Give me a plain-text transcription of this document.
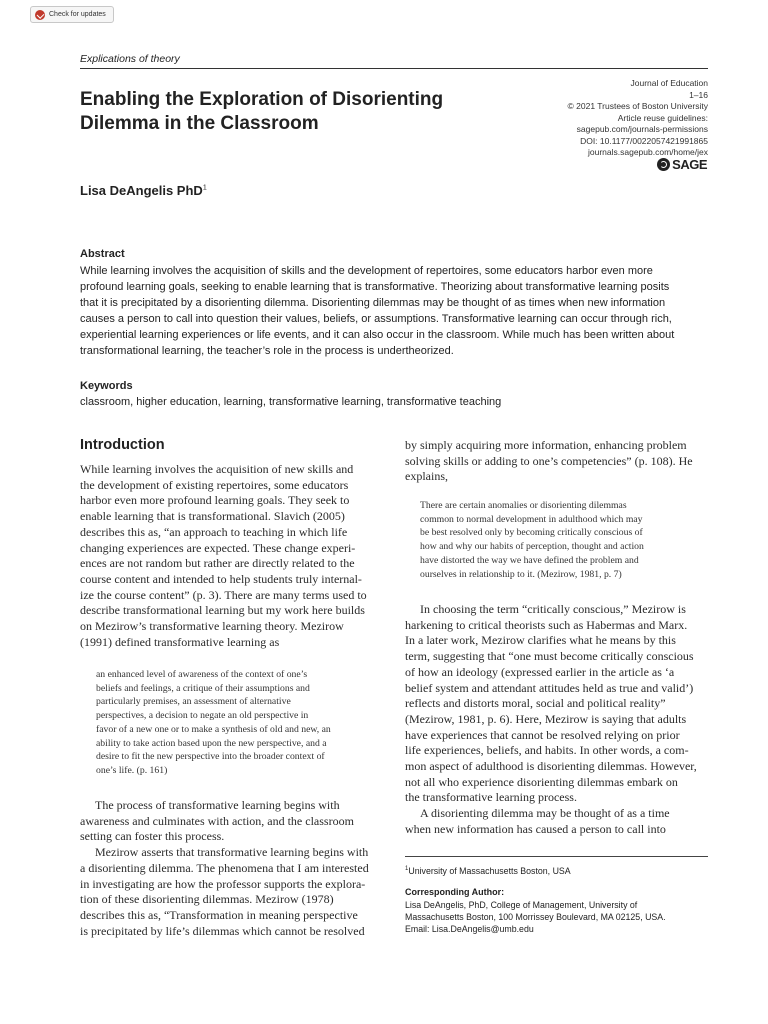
Check for updates
Explications of theory
Enabling the Exploration of Disorienting
Dilemma in the Classroom
Journal of Education
1–16
© 2021 Trustees of Boston University
Article reuse guidelines:
sagepub.com/journals-permissions
DOI: 10.1177/0022057421991865
journals.sagepub.com/home/jex
SAGE
Lisa DeAngelis PhD$^1$
Abstract
While learning involves the acquisition of skills and the development of repertoires, some educators harbor even more
profound learning goals, seeking to enable learning that is transformative. Theorizing about transformative learning posits
that it is precipitated by a disorienting dilemma. Disorienting dilemmas may be thought of as times when new information
causes a person to call into question their values, beliefs, or assumptions. Transformative learning can occur through rich,
experiential learning experiences or life events, and it can also occur in the classroom. While much has been written about
transformational learning, the teacher’s role in the process is undertheorized.
Keywords
classroom, higher education, learning, transformative learning, transformative teaching
Introduction
While learning involves the acquisition of new skills and
the development of existing repertoires, some educators
harbor even more profound learning goals. They seek to
enable learning that is transformational. Slavich (2005)
describes this as, “an approach to teaching in which life
changing experiences are expected. These change experi-
ences are not random but rather are directly related to the
course content and intended to help students truly internal-
ize the course content” (p. 3). There are many terms used to
describe transformational learning but my work here builds
on Mezirow’s transformative learning theory. Mezirow
(1991) defined transformative learning as
an enhanced level of awareness of the context of one’s
beliefs and feelings, a critique of their assumptions and
particularly premises, an assessment of alternative
perspectives, a decision to negate an old perspective in
favor of a new one or to make a synthesis of old and new, an
ability to take action based upon the new perspective, and a
desire to fit the new perspective into the broader context of
one’s life. (p. 161)
The process of transformative learning begins with
awareness and culminates with action, and the classroom
setting can foster this process.
Mezirow asserts that transformative learning begins with
a disorienting dilemma. The phenomena that I am interested
in investigating are how the professor supports the explora-
tion of these disorienting dilemmas. Mezirow (1978)
describes this as, “Transformation in meaning perspective
is precipitated by life’s dilemmas which cannot be resolved
by simply acquiring more information, enhancing problem
solving skills or adding to one’s competencies” (p. 108). He
explains,
There are certain anomalies or disorienting dilemmas
common to normal development in adulthood which may
be best resolved only by becoming critically conscious of
how and why our habits of perception, thought and action
have distorted the way we have defined the problem and
ourselves in relationship to it. (Mezirow, 1981, p. 7)
In choosing the term “critically conscious,” Mezirow is
harkening to critical theorists such as Habermas and Marx.
In a later work, Mezirow clarifies what he means by this
term, suggesting that “one must become critically conscious
of how an ideology (expressed earlier in the article as ‘a
belief system and attendant attitudes held as true and valid’)
reflects and distorts moral, social and political reality”
(Mezirow, 1981, p. 6). Here, Mezirow is saying that adults
have experiences that cannot be resolved relying on prior
life experiences, beliefs, and habits. In other words, a com-
mon aspect of adulthood is disorienting dilemmas. However,
not all who experience disorienting dilemmas embark on
the transformative learning process.
A disorienting dilemma may be thought of as a time
when new information has caused a person to call into
$^1$University of Massachusetts Boston, USA
Corresponding Author:
Lisa DeAngelis, PhD, College of Management, University of
Massachusetts Boston, 100 Morrissey Boulevard, MA 02125, USA.
Email: Lisa.DeAngelis@umb.edu
